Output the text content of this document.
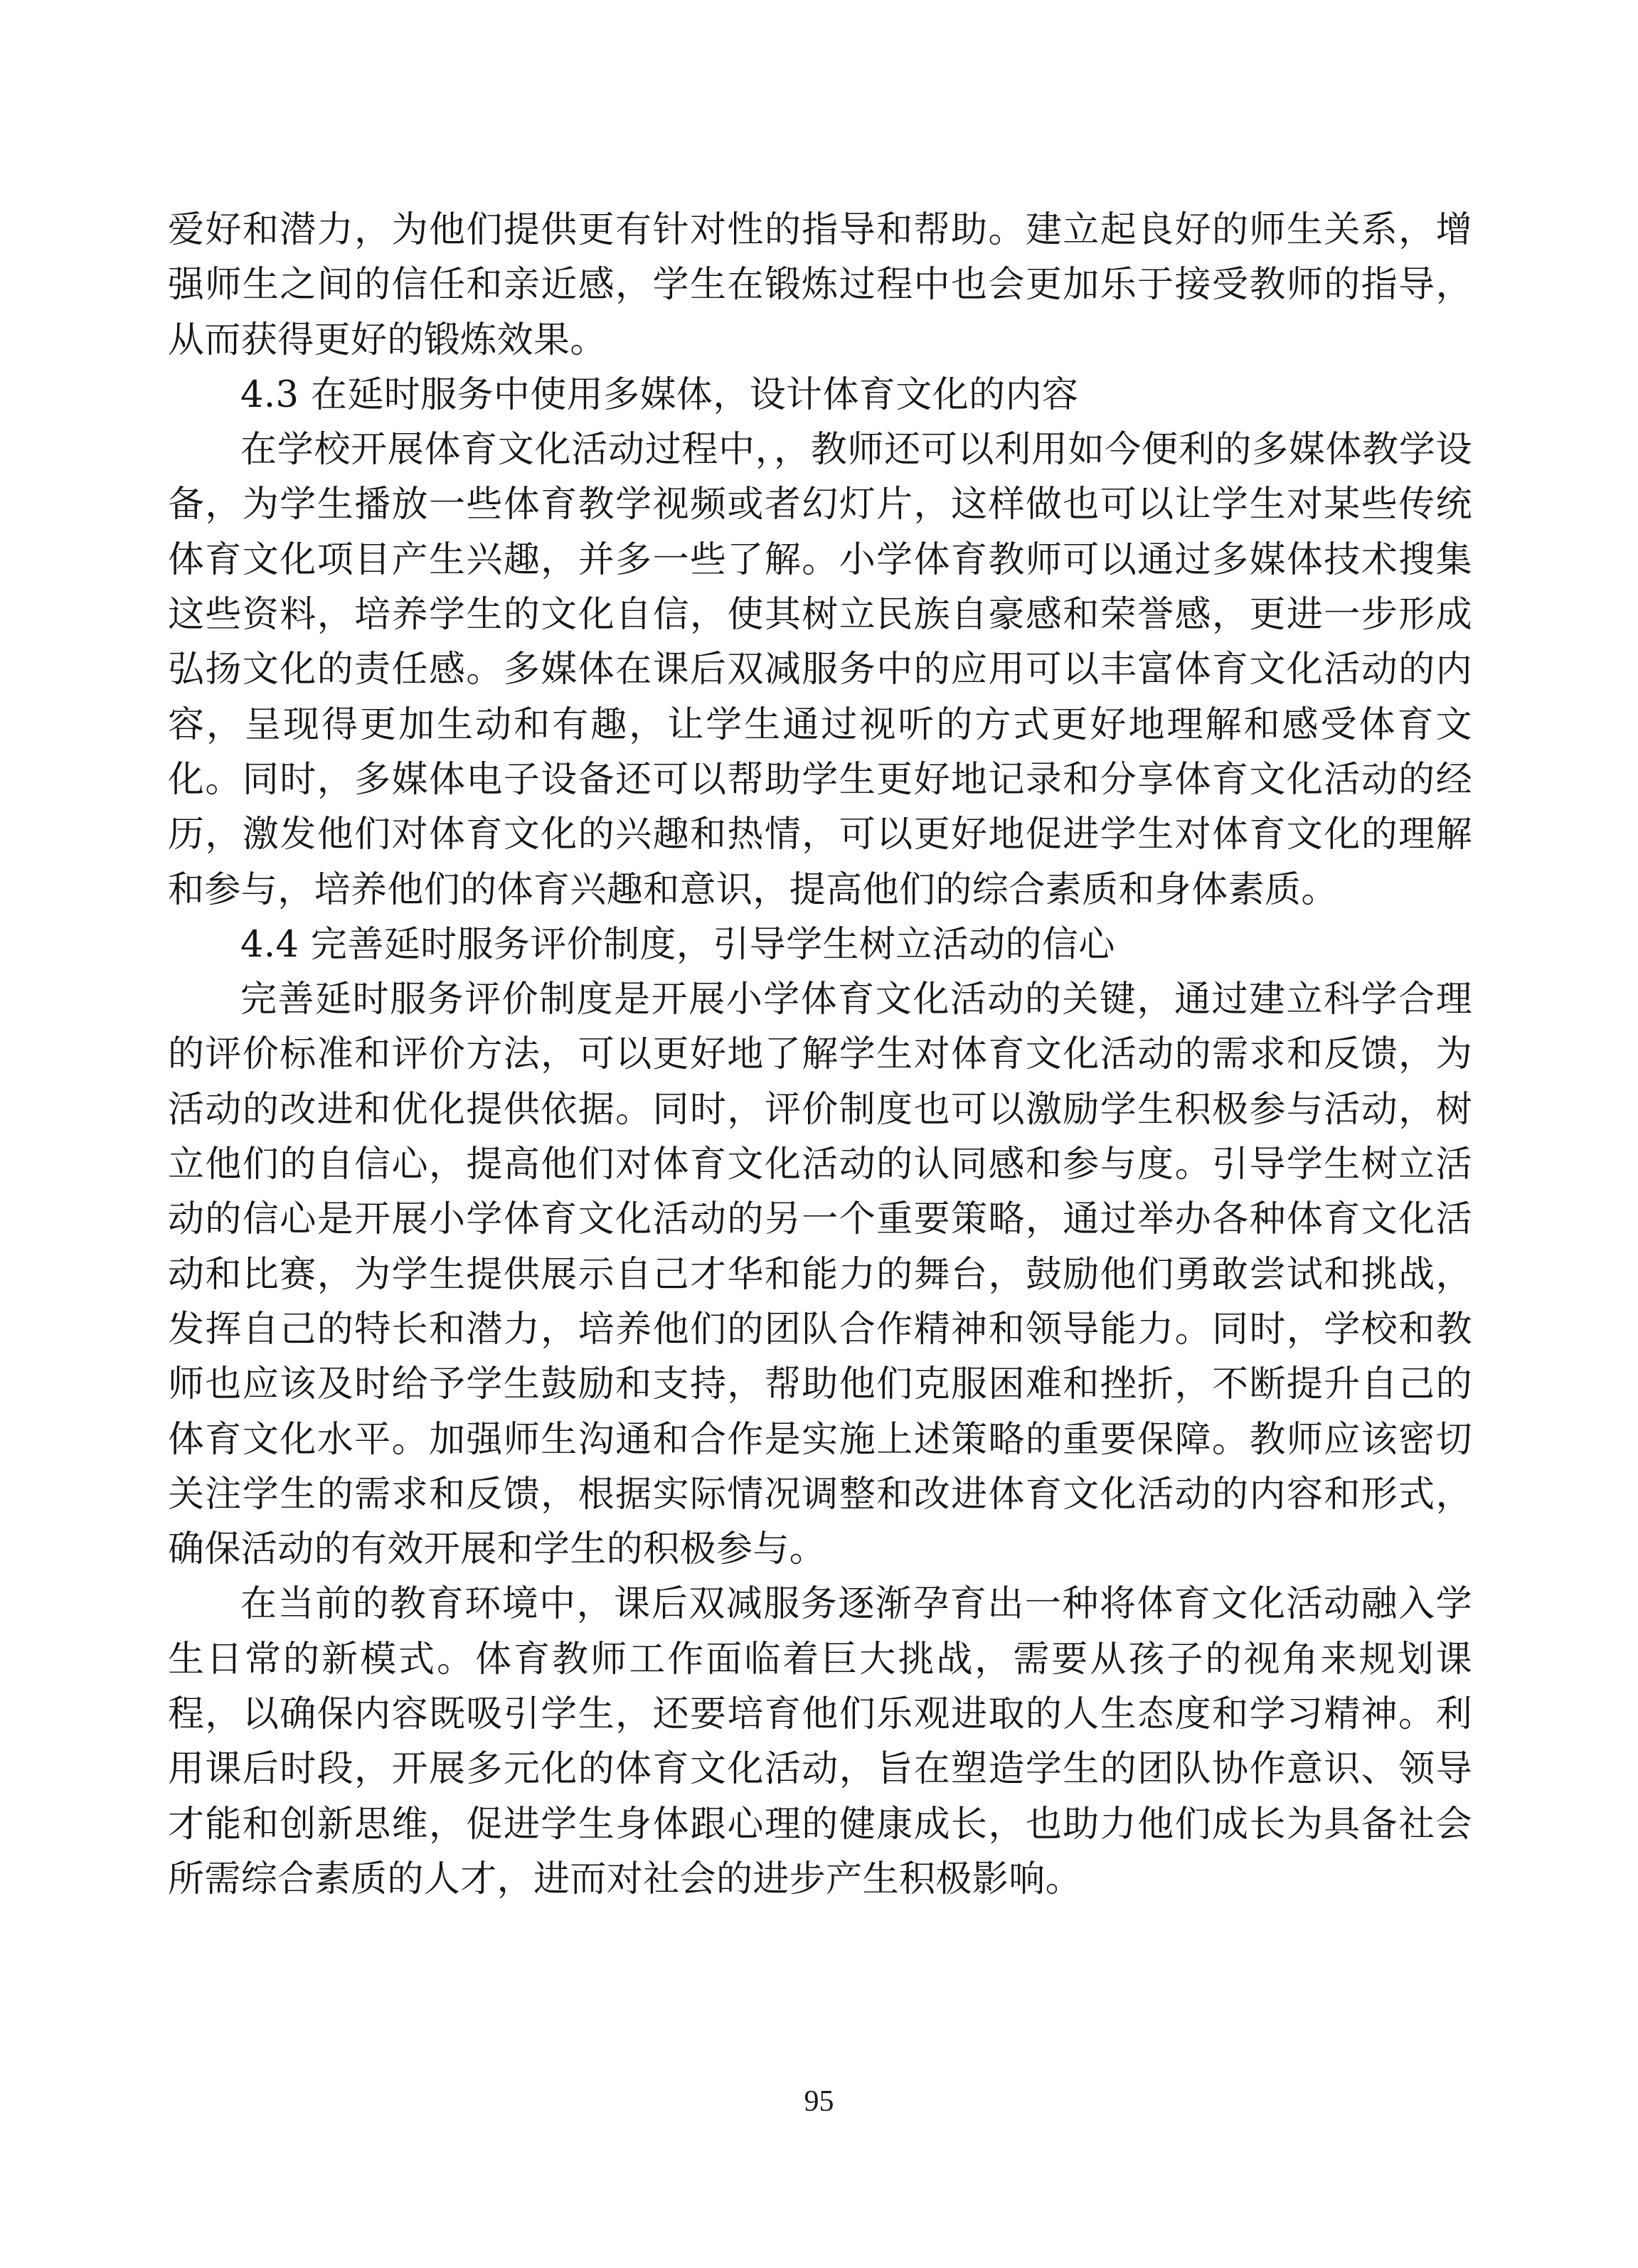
爱好和潜力，为他们提供更有针对性的指导和帮助。建立起良好的师生关系，增强师生之间的信任和亲近感，学生在锻炼过程中也会更加乐于接受教师的指导，从而获得更好的锻炼效果。

4.3 在延时服务中使用多媒体，设计体育文化的内容

在学校开展体育文化活动过程中，，教师还可以利用如今便利的多媒体教学设备，为学生播放一些体育教学视频或者幻灯片，这样做也可以让学生对某些传统体育文化项目产生兴趣，并多一些了解。小学体育教师可以通过多媒体技术搜集这些资料，培养学生的文化自信，使其树立民族自豪感和荣誉感，更进一步形成 弘扬文化的责任感。多媒体在课后双减服务中的应用可以丰富体育文化活动的内容，呈现得更加生动和有趣，让学生通过视听的方式更好地理解和感受体育文化。同时，多媒体电子设备还可以帮助学生更好地记录和分享体育文化活动的经历，激发他们对体育文化的兴趣和热情，可以更好地促进学生对体育文化的理解和参与，培养他们的体育兴趣和意识，提高他们的综合素质和身体素质。

4.4 完善延时服务评价制度，引导学生树立活动的信心

完善延时服务评价制度是开展小学体育文化活动的关键，通过建立科学合理的评价标准和评价方法，可以更好地了解学生对体育文化活动的需求和反馈，为活动的改进和优化提供依据。同时，评价制度也可以激励学生积极参与活动，树立他们的自信心，提高他们对体育文化活动的认同感和参与度。引导学生树立活动的信心是开展小学体育文化活动的另一个重要策略，通过举办各种体育文化活动和比赛，为学生提供展示自己才华和能力的舞台，鼓励他们勇敢尝试和挑战，发挥自己的特长和潜力，培养他们的团队合作精神和领导能力。同时，学校和教师也应该及时给予学生鼓励和支持，帮助他们克服困难和挫折，不断提升自己的体育文化水平。加强师生沟通和合作是实施上述策略的重要保障。教师应该密切关注学生的需求和反馈，根据实际情况调整和改进体育文化活动的内容和形式，确保活动的有效开展和学生的积极参与。

在当前的教育环境中，课后双减服务逐渐孕育出一种将体育文化活动融入学生日常的新模式。体育教师工作面临着巨大挑战，需要从孩子的视角来规划课程，以确保内容既吸引学生，还要培育他们乐观进取的人生态度和学习精神。利用课后时段，开展多元化的体育文化活动，旨在塑造学生的团队协作意识、领导才能和创新思维，促进学生身体跟心理的健康成长，也助力他们成长为具备社会所需综合素质的人才，进而对社会的进步产生积极影响。

95
